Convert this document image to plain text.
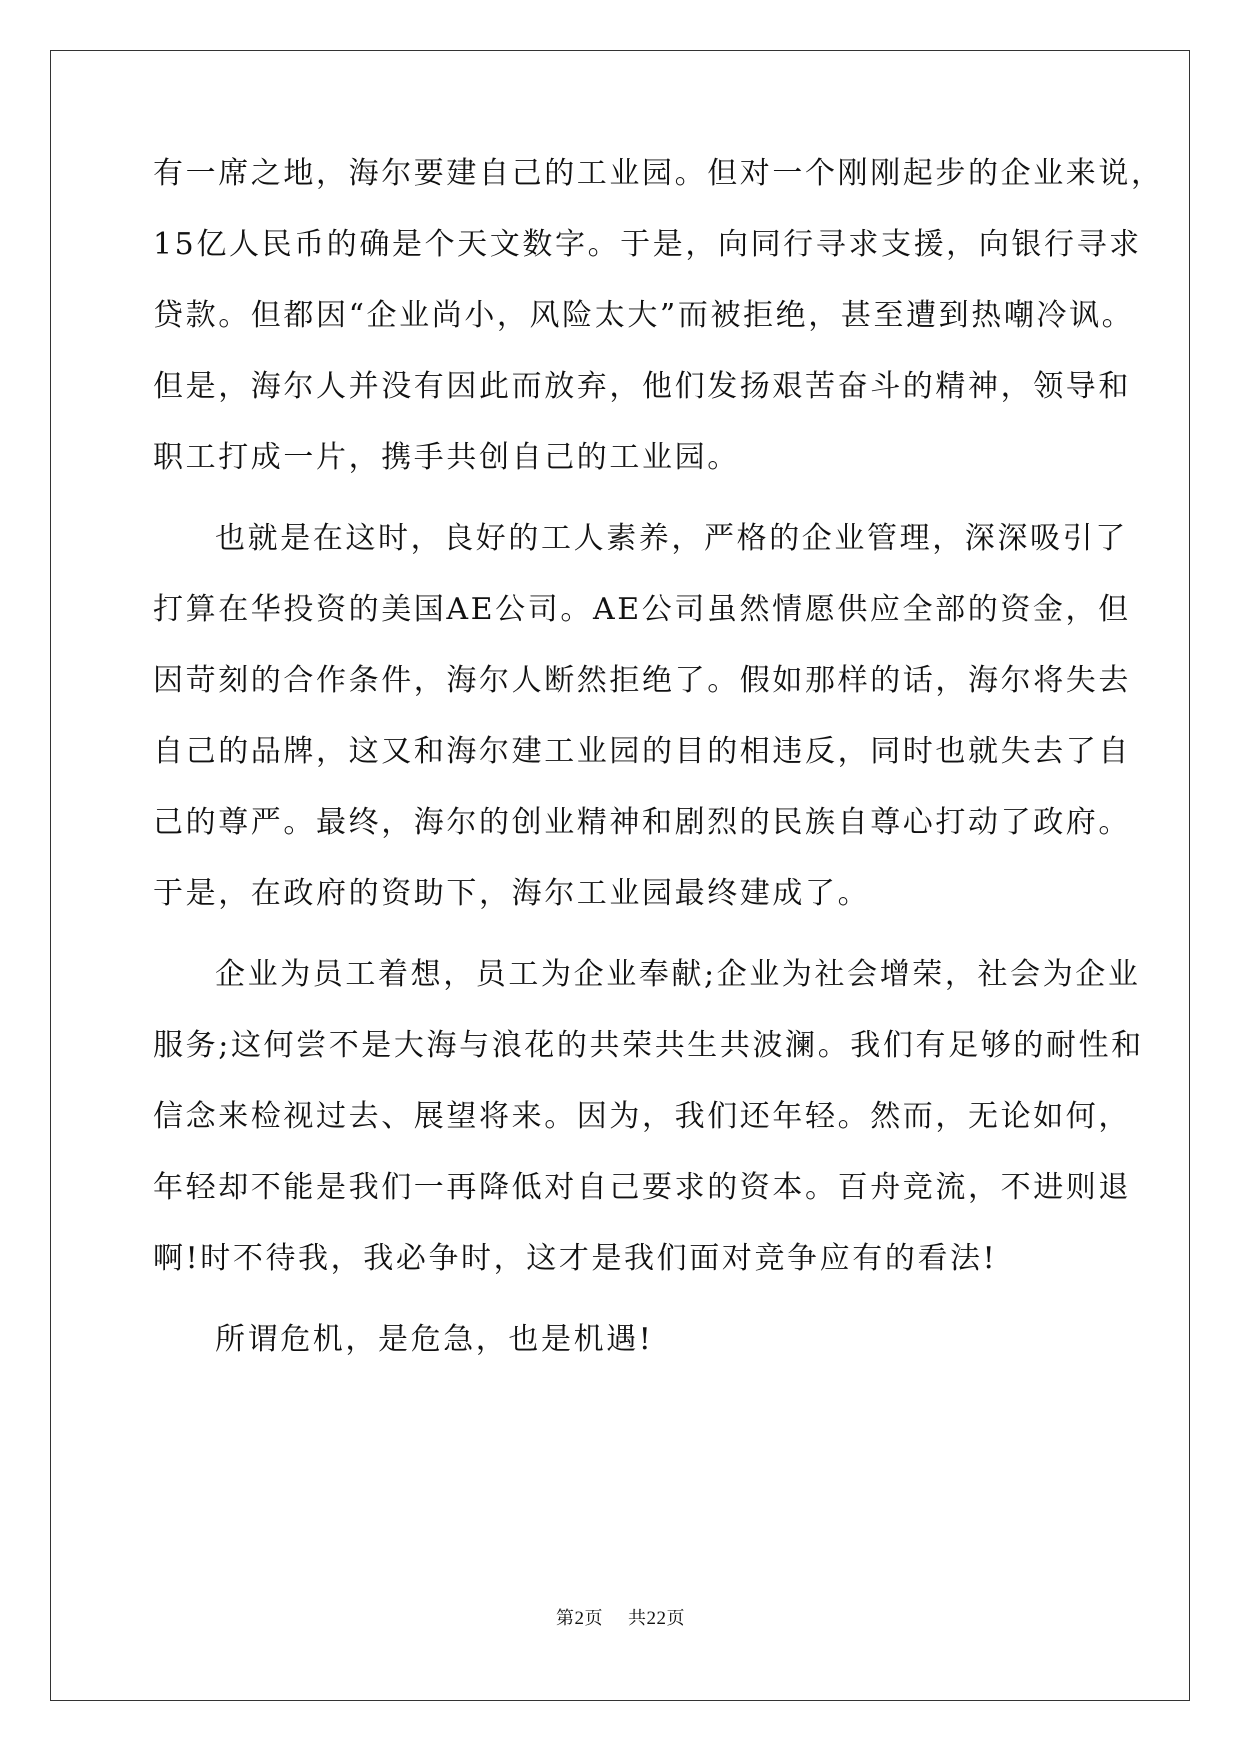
有一席之地，海尔要建自己的工业园。但对一个刚刚起步的企业来说，
15亿人民币的确是个天文数字。于是，向同行寻求支援，向银行寻求
贷款。但都因“企业尚小，风险太大”而被拒绝，甚至遭到热嘲冷讽。
但是，海尔人并没有因此而放弃，他们发扬艰苦奋斗的精神，领导和
职工打成一片，携手共创自己的工业园。
也就是在这时，良好的工人素养，严格的企业管理，深深吸引了
打算在华投资的美国AE公司。AE公司虽然情愿供应全部的资金，但
因苛刻的合作条件，海尔人断然拒绝了。假如那样的话，海尔将失去
自己的品牌，这又和海尔建工业园的目的相违反，同时也就失去了自
己的尊严。最终，海尔的创业精神和剧烈的民族自尊心打动了政府。
于是，在政府的资助下，海尔工业园最终建成了。
企业为员工着想，员工为企业奉献;企业为社会增荣，社会为企业
服务;这何尝不是大海与浪花的共荣共生共波澜。我们有足够的耐性和
信念来检视过去、展望将来。因为，我们还年轻。然而，无论如何，
年轻却不能是我们一再降低对自己要求的资本。百舟竞流，不进则退
啊!时不待我，我必争时，这才是我们面对竞争应有的看法!
所谓危机，是危急，也是机遇!
第2页 共22页
